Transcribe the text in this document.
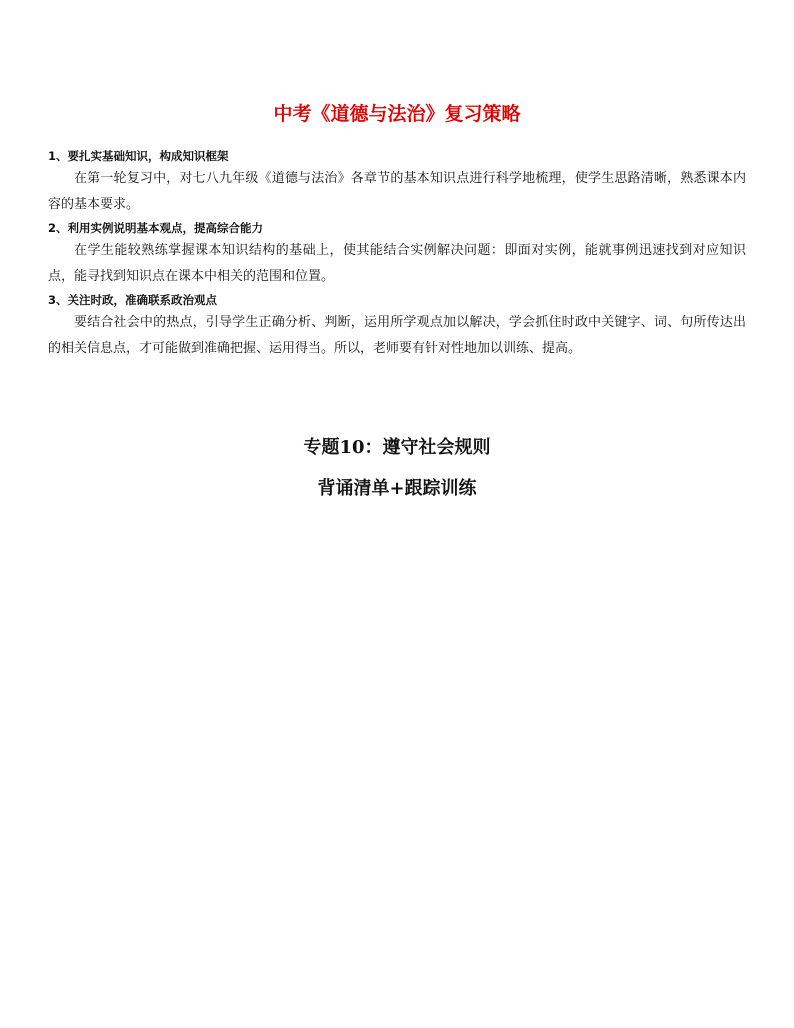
中考《道德与法治》复习策略
1、要扎实基础知识，构成知识框架

在第一轮复习中，对七八九年级《道德与法治》各章节的基本知识点进行科学地梳理，使学生思路清晰，熟悉课本内容的基本要求。

2、利用实例说明基本观点，提高综合能力

在学生能较熟练掌握课本知识结构的基础上，使其能结合实例解决问题：即面对实例，能就事例迅速找到对应知识点，能寻找到知识点在课本中相关的范围和位置。

3、关注时政，准确联系政治观点

要结合社会中的热点，引导学生正确分析、判断，运用所学观点加以解决，学会抓住时政中关键字、词、句所传达出的相关信息点，才可能做到准确把握、运用得当。所以，老师要有针对性地加以训练、提高。

专题10：遵守社会规则
背诵清单+跟踪训练
